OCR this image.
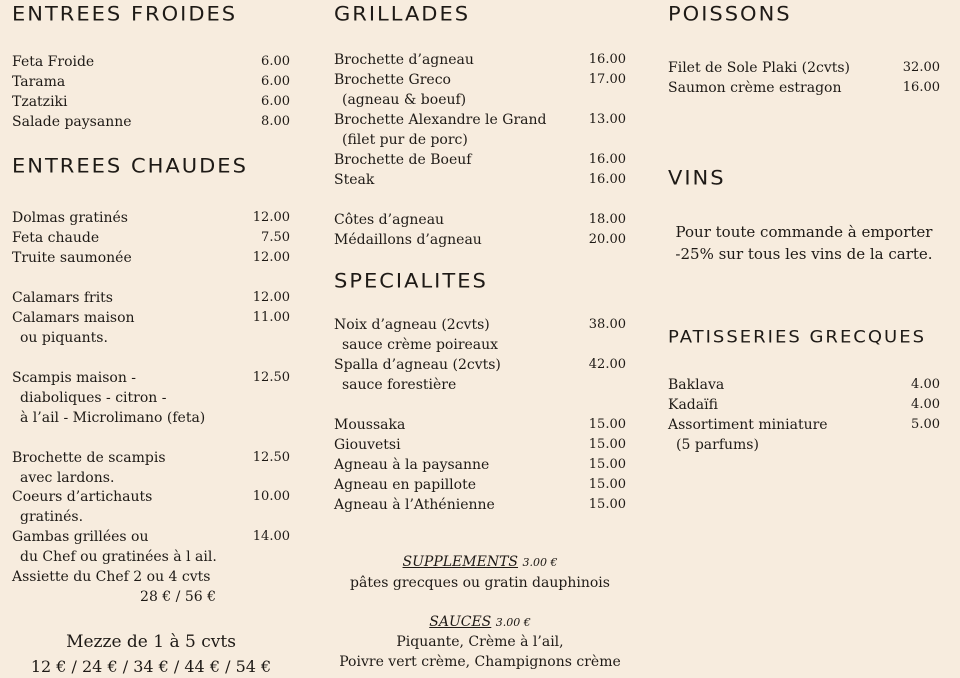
ENTREES FROIDES
Feta Froide	6.00
Tarama	6.00
Tzatziki	6.00
Salade paysanne	8.00
ENTREES CHAUDES
Dolmas gratinés	12.00
Feta chaude	7.50
Truite saumonée	12.00
Calamars frits	12.00
Calamars maison	11.00
ou piquants.
Scampis maison -	12.50
diaboliques - citron -
à l’ail - Microlimano (feta)
Brochette de scampis	12.50
avec lardons.
Coeurs d’artichauts	10.00
gratinés.
Gambas grillées ou	14.00
du Chef ou gratinées à l ail.
Assiette du Chef 2 ou 4 cvts
28 € / 56 €
Mezze de 1 à 5 cvts
12 € / 24 € / 34 € / 44 € / 54 €
GRILLADES
Brochette d’agneau	16.00
Brochette Greco	17.00
(agneau & boeuf)
Brochette Alexandre le Grand	13.00
(filet pur de porc)
Brochette de Boeuf	16.00
Steak	16.00
Côtes d’agneau	18.00
Médaillons d’agneau	20.00
SPECIALITES
Noix d’agneau (2cvts)	38.00
sauce crème poireaux
Spalla d’agneau (2cvts)	42.00
sauce forestière
Moussaka	15.00
Giouvetsi	15.00
Agneau à la paysanne	15.00
Agneau en papillote	15.00
Agneau à l’Athénienne	15.00
SUPPLEMENTS 3.00 €
pâtes grecques ou gratin dauphinois
SAUCES 3.00 €
Piquante, Crème à l’ail,
Poivre vert crème, Champignons crème
POISSONS
Filet de Sole Plaki (2cvts)	32.00
Saumon crème estragon	16.00
VINS
Pour toute commande à emporter
-25% sur tous les vins de la carte.
PATISSERIES GRECQUES
Baklava	4.00
Kadaïfi	4.00
Assortiment miniature	5.00
(5 parfums)
